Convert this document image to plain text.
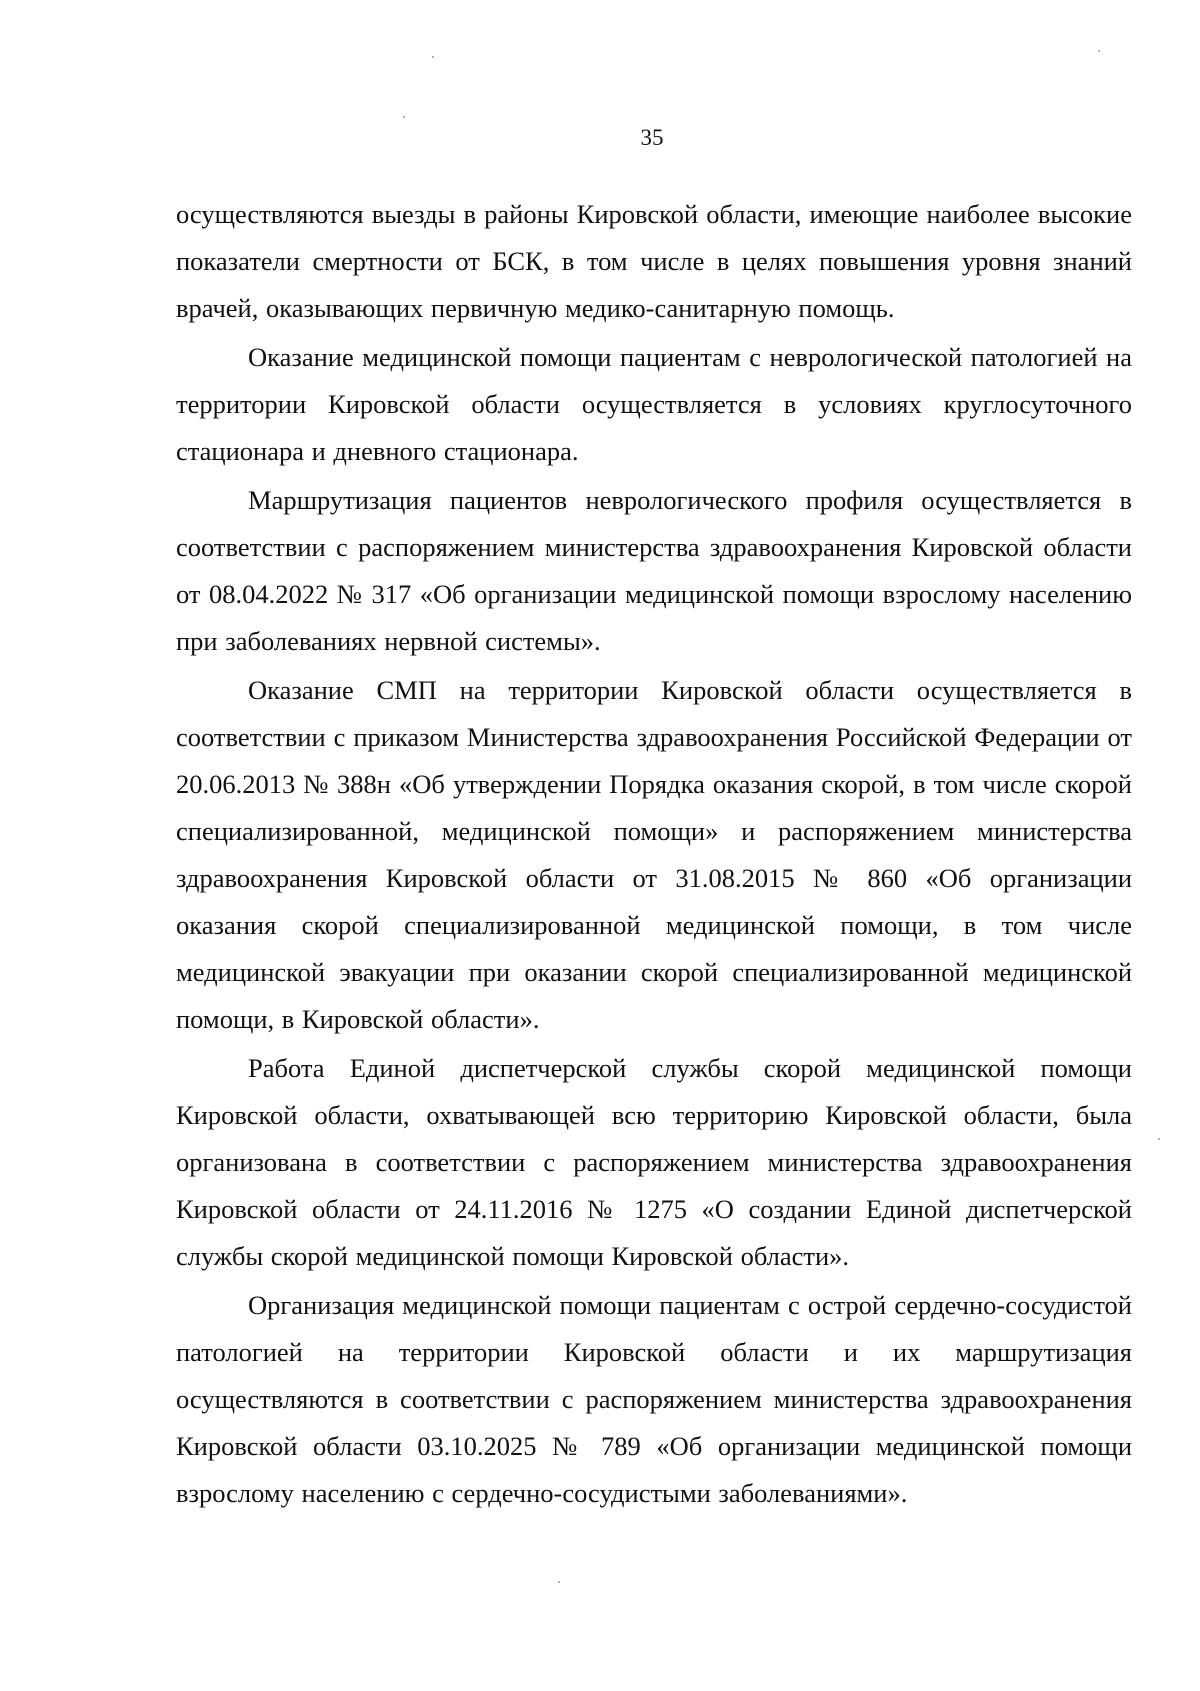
35

осуществляются выезды в районы Кировской области, имеющие наиболее высокие показатели смертности от БСК, в том числе в целях повышения уровня знаний врачей, оказывающих первичную медико-санитарную помощь.

Оказание медицинской помощи пациентам с неврологической патологией на территории Кировской области осуществляется в условиях круглосуточного стационара и дневного стационара.

Маршрутизация пациентов неврологического профиля осуществляется в соответствии с распоряжением министерства здравоохранения Кировской области от 08.04.2022 № 317 «Об организации медицинской помощи взрослому населению при заболеваниях нервной системы».

Оказание СМП на территории Кировской области осуществляется в соответствии с приказом Министерства здравоохранения Российской Федерации от 20.06.2013 № 388н «Об утверждении Порядка оказания скорой, в том числе скорой специализированной, медицинской помощи» и распоряжением министерства здравоохранения Кировской области от 31.08.2015 № 860 «Об организации оказания скорой специализированной медицинской помощи, в том числе медицинской эвакуации при оказании скорой специализированной медицинской помощи, в Кировской области».

Работа Единой диспетчерской службы скорой медицинской помощи Кировской области, охватывающей всю территорию Кировской области, была организована в соответствии с распоряжением министерства здравоохранения Кировской области от 24.11.2016 № 1275 «О создании Единой диспетчерской службы скорой медицинской помощи Кировской области».

Организация медицинской помощи пациентам с острой сердечно-сосудистой патологией на территории Кировской области и их маршрутизация осуществляются в соответствии с распоряжением министерства здравоохранения Кировской области 03.10.2025 № 789 «Об организации медицинской помощи взрослому населению с сердечно-сосудистыми заболеваниями».
